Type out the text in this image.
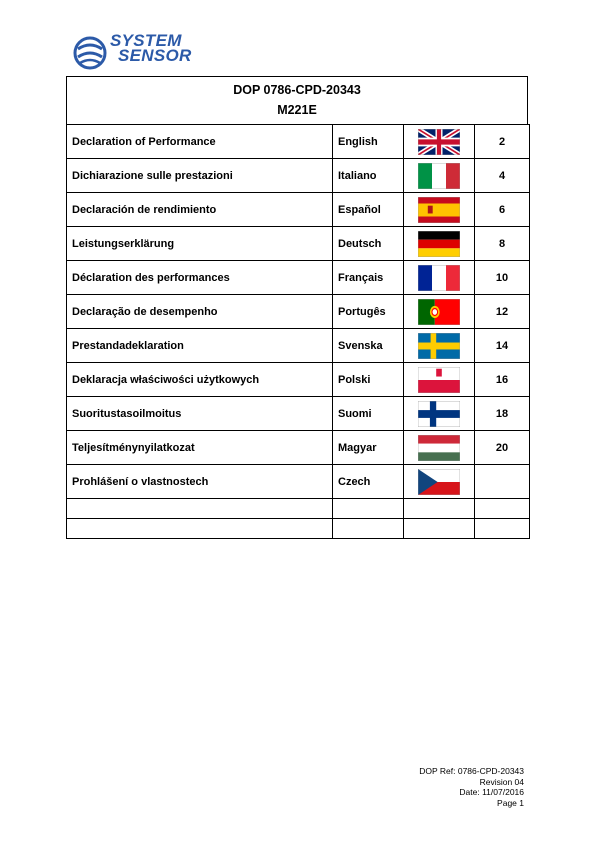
SYSTEM
SENSOR
DOP 0786-CPD-20343
M221E
Declaration of Performance	English		2
Dichiarazione sulle prestazioni	Italiano		4
Declaración de rendimiento	Español		6
Leistungserklärung	Deutsch		8
Déclaration des performances	Français		10
Declaração de desempenho	Portugês		12
Prestandadeklaration	Svenska		14
Deklaracja właściwości użytkowych	Polski		16
Suoritustasoilmoitus	Suomi		18
Teljesítménynyilatkozat	Magyar		20
Prohlášení o vlastnostech	Czech	

DOP Ref: 0786-CPD-20343
Revision 04
Date: 11/07/2016
Page 1
